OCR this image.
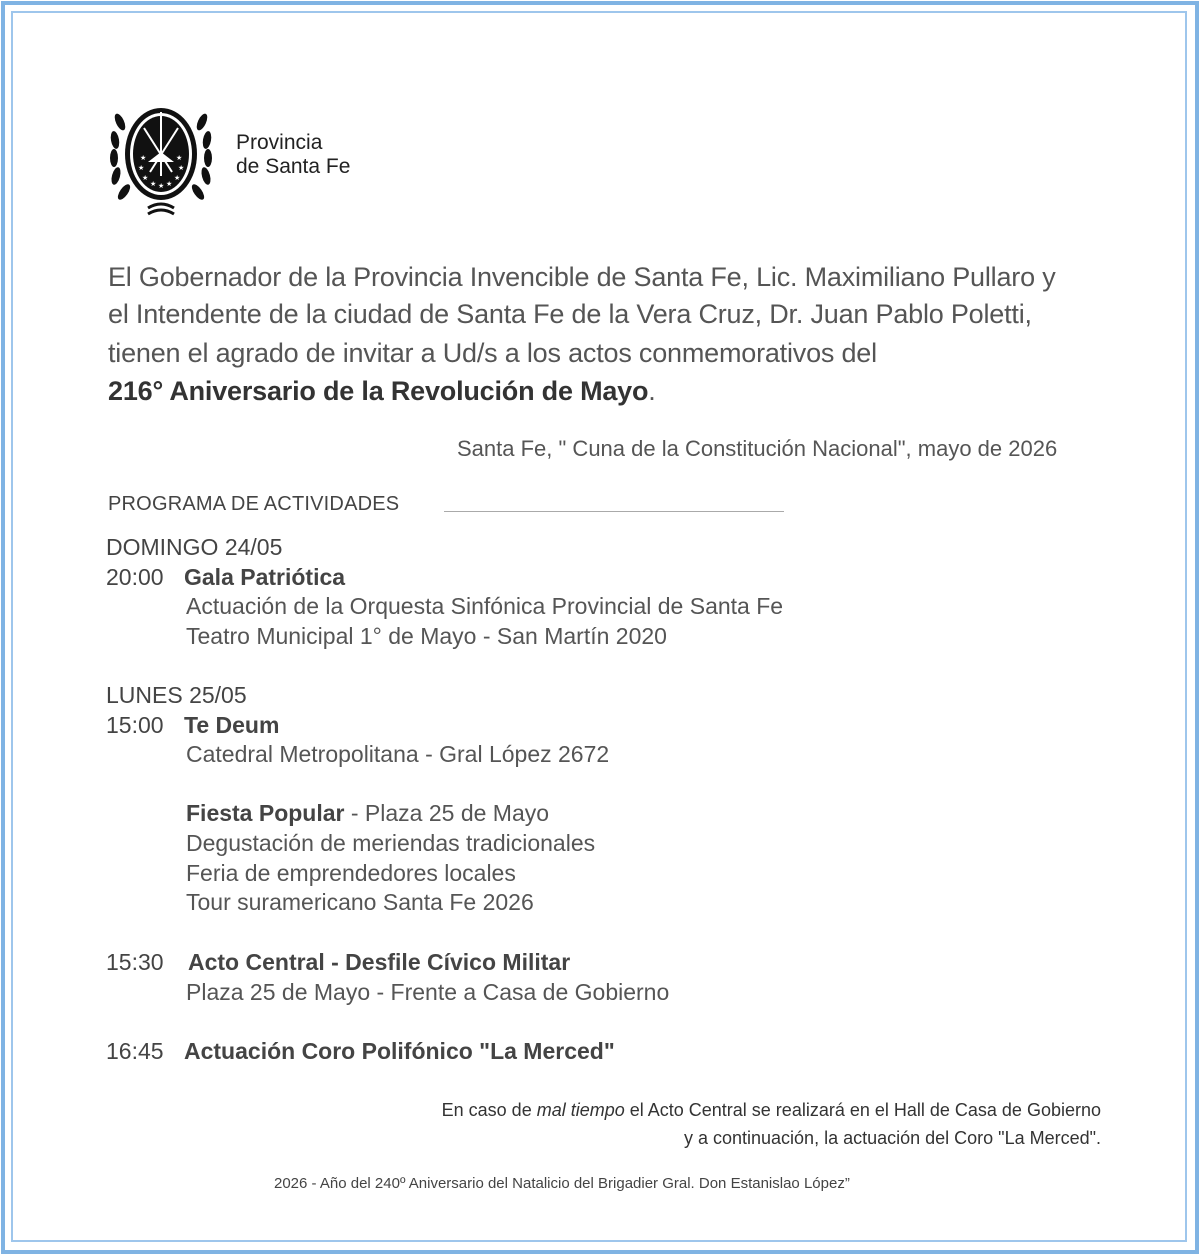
★
★ ★ ★
★
★	★
★	★
Provincia
de Santa Fe
El Gobernador de la Provincia Invencible de Santa Fe, Lic. Maximiliano Pullaro y
el Intendente de la ciudad de Santa Fe de la Vera Cruz, Dr. Juan Pablo Poletti,
tienen el agrado de invitar a Ud/s a los actos conmemorativos del
216° Aniversario de la Revolución de Mayo.
Santa Fe, " Cuna de la Constitución Nacional", mayo de 2026
PROGRAMA DE ACTIVIDADES
DOMINGO 24/05
20:00 Gala Patriótica
Actuación de la Orquesta Sinfónica Provincial de Santa Fe
Teatro Municipal 1° de Mayo - San Martín 2020
LUNES 25/05
15:00 Te Deum
Catedral Metropolitana - Gral López 2672
Fiesta Popular - Plaza 25 de Mayo
Degustación de meriendas tradicionales
Feria de emprendedores locales
Tour suramericano Santa Fe 2026
15:30 Acto Central - Desfile Cívico Militar
Plaza 25 de Mayo - Frente a Casa de Gobierno
16:45 Actuación Coro Polifónico "La Merced"
En caso de mal tiempo el Acto Central se realizará en el Hall de Casa de Gobierno
y a continuación, la actuación del Coro "La Merced".
2026 - Año del 240º Aniversario del Natalicio del Brigadier Gral. Don Estanislao López”
